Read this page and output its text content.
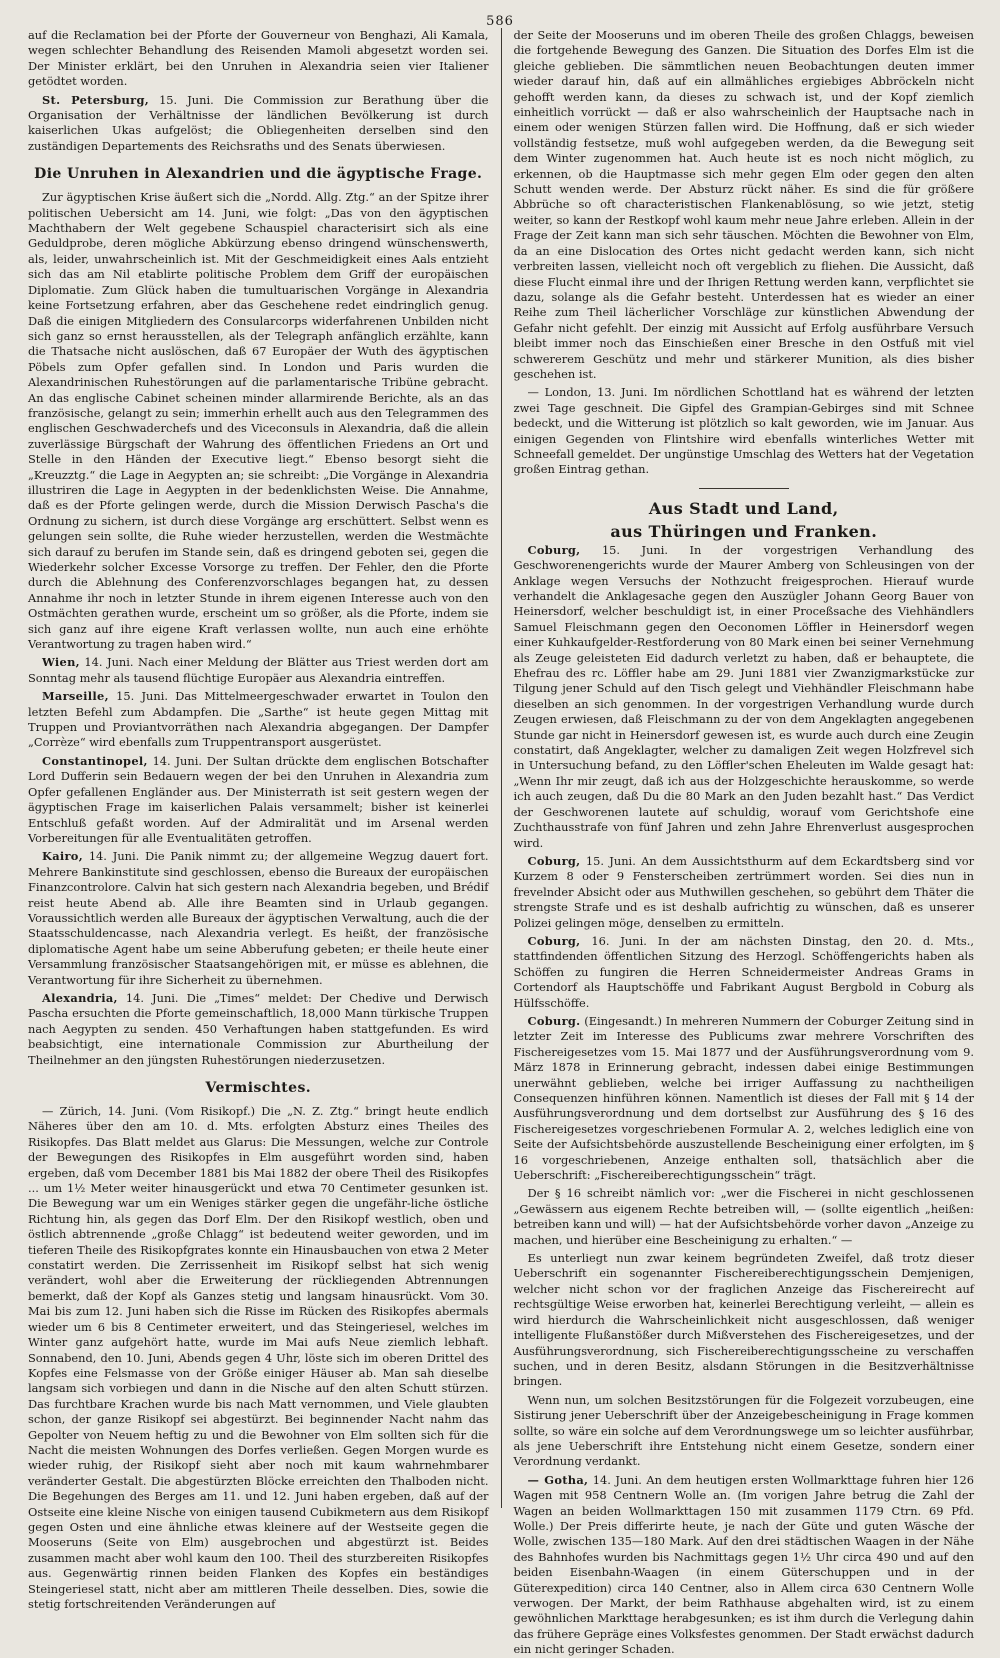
586

auf die Reclamation bei der Pforte der Gouverneur von Benghazi, Ali Kamala, wegen schlechter Behandlung des Reisenden Mamoli abgesetzt worden sei. Der Minister erklärt, bei den Unruhen in Alexandria seien vier Italiener getödtet worden.

St. Petersburg, 15. Juni. Die Commission zur Berathung über die Organisation der Verhältnisse der ländlichen Bevölkerung ist durch kaiserlichen Ukas aufgelöst; die Obliegenheiten derselben sind den zuständigen Departements des Reichsraths und des Senats überwiesen.

Die Unruhen in Alexandrien und die ägyptische Frage.

Zur ägyptischen Krise äußert sich die „Nordd. Allg. Ztg.“ an der Spitze ihrer politischen Uebersicht am 14. Juni, wie folgt: „Das von den ägyptischen Machthabern der Welt gegebene Schauspiel characterisirt sich als eine Geduldprobe, deren mögliche Abkürzung ebenso dringend wünschenswerth, als, leider, unwahrscheinlich ist. Mit der Geschmeidigkeit eines Aals entzieht sich das am Nil etablirte politische Problem dem Griff der europäischen Diplomatie. Zum Glück haben die tumultuarischen Vorgänge in Alexandria keine Fortsetzung erfahren, aber das Geschehene redet eindringlich genug. Daß die einigen Mitgliedern des Consularcorps widerfahrenen Unbilden nicht sich ganz so ernst herausstellen, als der Telegraph anfänglich erzählte, kann die Thatsache nicht auslöschen, daß 67 Europäer der Wuth des ägyptischen Pöbels zum Opfer gefallen sind. In London und Paris wurden die Alexandrinischen Ruhestörungen auf die parlamentarische Tribüne gebracht. An das englische Cabinet scheinen minder allarmirende Berichte, als an das französische, gelangt zu sein; immerhin erhellt auch aus den Telegrammen des englischen Geschwaderchefs und des Viceconsuls in Alexandria, daß die allein zuverlässige Bürgschaft der Wahrung des öffentlichen Friedens an Ort und Stelle in den Händen der Executive liegt.“ Ebenso besorgt sieht die „Kreuzztg.“ die Lage in Aegypten an; sie schreibt: „Die Vorgänge in Alexandria illustriren die Lage in Aegypten in der bedenklichsten Weise. Die Annahme, daß es der Pforte gelingen werde, durch die Mission Derwisch Pascha's die Ordnung zu sichern, ist durch diese Vorgänge arg erschüttert. Selbst wenn es gelungen sein sollte, die Ruhe wieder herzustellen, werden die Westmächte sich darauf zu berufen im Stande sein, daß es dringend geboten sei, gegen die Wiederkehr solcher Excesse Vorsorge zu treffen. Der Fehler, den die Pforte durch die Ablehnung des Conferenzvorschlages begangen hat, zu dessen Annahme ihr noch in letzter Stunde in ihrem eigenen Interesse auch von den Ostmächten gerathen wurde, erscheint um so größer, als die Pforte, indem sie sich ganz auf ihre eigene Kraft verlassen wollte, nun auch eine erhöhte Verantwortung zu tragen haben wird.“

Wien, 14. Juni. Nach einer Meldung der Blätter aus Triest werden dort am Sonntag mehr als tausend flüchtige Europäer aus Alexandria eintreffen.

Marseille, 15. Juni. Das Mittelmeergeschwader erwartet in Toulon den letzten Befehl zum Abdampfen. Die „Sarthe“ ist heute gegen Mittag mit Truppen und Proviantvorräthen nach Alexandria abgegangen. Der Dampfer „Corrèze“ wird ebenfalls zum Truppentransport ausgerüstet.

Constantinopel, 14. Juni. Der Sultan drückte dem englischen Botschafter Lord Dufferin sein Bedauern wegen der bei den Unruhen in Alexandria zum Opfer gefallenen Engländer aus. Der Ministerrath ist seit gestern wegen der ägyptischen Frage im kaiserlichen Palais versammelt; bisher ist keinerlei Entschluß gefaßt worden. Auf der Admiralität und im Arsenal werden Vorbereitungen für alle Eventualitäten getroffen.

Kairo, 14. Juni. Die Panik nimmt zu; der allgemeine Wegzug dauert fort. Mehrere Bankinstitute sind geschlossen, ebenso die Bureaux der europäischen Finanzcontrolore. Calvin hat sich gestern nach Alexandria begeben, und Brédif reist heute Abend ab. Alle ihre Beamten sind in Urlaub gegangen. Voraussichtlich werden alle Bureaux der ägyptischen Verwaltung, auch die der Staatsschuldencasse, nach Alexandria verlegt. Es heißt, der französische diplomatische Agent habe um seine Abberufung gebeten; er theile heute einer Versammlung französischer Staatsangehörigen mit, er müsse es ablehnen, die Verantwortung für ihre Sicherheit zu übernehmen.

Alexandria, 14. Juni. Die „Times“ meldet: Der Chedive und Derwisch Pascha ersuchten die Pforte gemeinschaftlich, 18,000 Mann türkische Truppen nach Aegypten zu senden. 450 Verhaftungen haben stattgefunden. Es wird beabsichtigt, eine internationale Commission zur Aburtheilung der Theilnehmer an den jüngsten Ruhestörungen niederzusetzen.

Vermischtes.

— Zürich, 14. Juni. (Vom Risikopf.) Die „N. Z. Ztg.“ bringt heute endlich Näheres über den am 10. d. Mts. erfolgten Absturz eines Theiles des Risikopfes. Das Blatt meldet aus Glarus: Die Messungen, welche zur Controle der Bewegungen des Risikopfes in Elm ausgeführt worden sind, haben ergeben, daß vom December 1881 bis Mai 1882 der obere Theil des Risikopfes ... um 1½ Meter weiter hinausgerückt und etwa 70 Centimeter gesunken ist. Die Bewegung war um ein Weniges stärker gegen die ungefähr-liche östliche Richtung hin, als gegen das Dorf Elm. Der den Risikopf westlich, oben und östlich abtrennende „große Chlagg“ ist bedeutend weiter geworden, und im tieferen Theile des Risikopfgrates konnte ein Hinausbauchen von etwa 2 Meter constatirt werden. Die Zerrissenheit im Risikopf selbst hat sich wenig verändert, wohl aber die Erweiterung der rückliegenden Abtrennungen bemerkt, daß der Kopf als Ganzes stetig und langsam hinausrückt. Vom 30. Mai bis zum 12. Juni haben sich die Risse im Rücken des Risikopfes abermals wieder um 6 bis 8 Centimeter erweitert, und das Steingeriesel, welches im Winter ganz aufgehört hatte, wurde im Mai aufs Neue ziemlich lebhaft. Sonnabend, den 10. Juni, Abends gegen 4 Uhr, löste sich im oberen Drittel des Kopfes eine Felsmasse von der Größe einiger Häuser ab. Man sah dieselbe langsam sich vorbiegen und dann in die Nische auf den alten Schutt stürzen. Das furchtbare Krachen wurde bis nach Matt vernommen, und Viele glaubten schon, der ganze Risikopf sei abgestürzt. Bei beginnender Nacht nahm das Gepolter von Neuem heftig zu und die Bewohner von Elm sollten sich für die Nacht die meisten Wohnungen des Dorfes verließen. Gegen Morgen wurde es wieder ruhig, der Risikopf sieht aber noch mit kaum wahrnehmbarer veränderter Gestalt. Die abgestürzten Blöcke erreichten den Thalboden nicht. Die Begehungen des Berges am 11. und 12. Juni haben ergeben, daß auf der Ostseite eine kleine Nische von einigen tausend Cubikmetern aus dem Risikopf gegen Osten und eine ähnliche etwas kleinere auf der Westseite gegen die Mooseruns (Seite von Elm) ausgebrochen und abgestürzt ist. Beides zusammen macht aber wohl kaum den 100. Theil des sturzbereiten Risikopfes aus. Gegenwärtig rinnen beiden Flanken des Kopfes ein beständiges Steingeriesel statt, nicht aber am mittleren Theile desselben. Dies, sowie die stetig fortschreitenden Veränderungen auf

der Seite der Mooseruns und im oberen Theile des großen Chlaggs, beweisen die fortgehende Bewegung des Ganzen. Die Situation des Dorfes Elm ist die gleiche geblieben. Die sämmtlichen neuen Beobachtungen deuten immer wieder darauf hin, daß auf ein allmähliches ergiebiges Abbröckeln nicht gehofft werden kann, da dieses zu schwach ist, und der Kopf ziemlich einheitlich vorrückt — daß er also wahrscheinlich der Hauptsache nach in einem oder wenigen Stürzen fallen wird. Die Hoffnung, daß er sich wieder vollständig festsetze, muß wohl aufgegeben werden, da die Bewegung seit dem Winter zugenommen hat. Auch heute ist es noch nicht möglich, zu erkennen, ob die Hauptmasse sich mehr gegen Elm oder gegen den alten Schutt wenden werde. Der Absturz rückt näher. Es sind die für größere Abbrüche so oft characteristischen Flankenablösung, so wie jetzt, stetig weiter, so kann der Restkopf wohl kaum mehr neue Jahre erleben. Allein in der Frage der Zeit kann man sich sehr täuschen. Möchten die Bewohner von Elm, da an eine Dislocation des Ortes nicht gedacht werden kann, sich nicht verbreiten lassen, vielleicht noch oft vergeblich zu fliehen. Die Aussicht, daß diese Flucht einmal ihre und der Ihrigen Rettung werden kann, verpflichtet sie dazu, solange als die Gefahr besteht. Unterdessen hat es wieder an einer Reihe zum Theil lächerlicher Vorschläge zur künstlichen Abwendung der Gefahr nicht gefehlt. Der einzig mit Aussicht auf Erfolg ausführbare Versuch bleibt immer noch das Einschießen einer Bresche in den Ostfuß mit viel schwererem Geschütz und mehr und stärkerer Munition, als dies bisher geschehen ist.

— London, 13. Juni. Im nördlichen Schottland hat es während der letzten zwei Tage geschneit. Die Gipfel des Grampian-Gebirges sind mit Schnee bedeckt, und die Witterung ist plötzlich so kalt geworden, wie im Januar. Aus einigen Gegenden von Flintshire wird ebenfalls winterliches Wetter mit Schneefall gemeldet. Der ungünstige Umschlag des Wetters hat der Vegetation großen Eintrag gethan.

Aus Stadt und Land,
aus Thüringen und Franken.

Coburg, 15. Juni. In der vorgestrigen Verhandlung des Geschworenengerichts wurde der Maurer Amberg von Schleusingen von der Anklage wegen Versuchs der Nothzucht freigesprochen. Hierauf wurde verhandelt die Anklagesache gegen den Auszügler Johann Georg Bauer von Heinersdorf, welcher beschuldigt ist, in einer Proceßsache des Viehhändlers Samuel Fleischmann gegen den Oeconomen Löffler in Heinersdorf wegen einer Kuhkaufgelder-Restforderung von 80 Mark einen bei seiner Vernehmung als Zeuge geleisteten Eid dadurch verletzt zu haben, daß er behauptete, die Ehefrau des rc. Löffler habe am 29. Juni 1881 vier Zwanzigmarkstücke zur Tilgung jener Schuld auf den Tisch gelegt und Viehhändler Fleischmann habe dieselben an sich genommen. In der vorgestrigen Verhandlung wurde durch Zeugen erwiesen, daß Fleischmann zu der von dem Angeklagten angegebenen Stunde gar nicht in Heinersdorf gewesen ist, es wurde auch durch eine Zeugin constatirt, daß Angeklagter, welcher zu damaligen Zeit wegen Holzfrevel sich in Untersuchung befand, zu den Löffler'schen Eheleuten im Walde gesagt hat: „Wenn Ihr mir zeugt, daß ich aus der Holzgeschichte herauskomme, so werde ich auch zeugen, daß Du die 80 Mark an den Juden bezahlt hast.“ Das Verdict der Geschworenen lautete auf schuldig, worauf vom Gerichtshofe eine Zuchthausstrafe von fünf Jahren und zehn Jahre Ehrenverlust ausgesprochen wird.

Coburg, 15. Juni. An dem Aussichtsthurm auf dem Eckardtsberg sind vor Kurzem 8 oder 9 Fensterscheiben zertrümmert worden. Sei dies nun in frevelnder Absicht oder aus Muthwillen geschehen, so gebührt dem Thäter die strengste Strafe und es ist deshalb aufrichtig zu wünschen, daß es unserer Polizei gelingen möge, denselben zu ermitteln.

Coburg, 16. Juni. In der am nächsten Dinstag, den 20. d. Mts., stattfindenden öffentlichen Sitzung des Herzogl. Schöffengerichts haben als Schöffen zu fungiren die Herren Schneidermeister Andreas Grams in Cortendorf als Hauptschöffe und Fabrikant August Bergbold in Coburg als Hülfsschöffe.

Coburg. (Eingesandt.) In mehreren Nummern der Coburger Zeitung sind in letzter Zeit im Interesse des Publicums zwar mehrere Vorschriften des Fischereigesetzes vom 15. Mai 1877 und der Ausführungsverordnung vom 9. März 1878 in Erinnerung gebracht, indessen dabei einige Bestimmungen unerwähnt geblieben, welche bei irriger Auffassung zu nachtheiligen Consequenzen hinführen können. Namentlich ist dieses der Fall mit § 14 der Ausführungsverordnung und dem dortselbst zur Ausführung des § 16 des Fischereigesetzes vorgeschriebenen Formular A. 2, welches lediglich eine von Seite der Aufsichtsbehörde auszustellende Bescheinigung einer erfolgten, im § 16 vorgeschriebenen, Anzeige enthalten soll, thatsächlich aber die Ueberschrift: „Fischereiberechtigungsschein“ trägt.

Der § 16 schreibt nämlich vor: „wer die Fischerei in nicht geschlossenen „Gewässern aus eigenem Rechte betreiben will, — (sollte eigentlich „heißen: betreiben kann und will) — hat der Aufsichtsbehörde vorher davon „Anzeige zu machen, und hierüber eine Bescheinigung zu erhalten.“ —

Es unterliegt nun zwar keinem begründeten Zweifel, daß trotz dieser Ueberschrift ein sogenannter Fischereiberechtigungsschein Demjenigen, welcher nicht schon vor der fraglichen Anzeige das Fischereirecht auf rechtsgültige Weise erworben hat, keinerlei Berechtigung verleiht, — allein es wird hierdurch die Wahrscheinlichkeit nicht ausgeschlossen, daß weniger intelligente Flußanstößer durch Mißverstehen des Fischereigesetzes, und der Ausführungsverordnung, sich Fischereiberechtigungsscheine zu verschaffen suchen, und in deren Besitz, alsdann Störungen in die Besitzverhältnisse bringen.

Wenn nun, um solchen Besitzstörungen für die Folgezeit vorzubeugen, eine Sistirung jener Ueberschrift über der Anzeigebescheinigung in Frage kommen sollte, so wäre ein solche auf dem Verordnungswege um so leichter ausführbar, als jene Ueberschrift ihre Entstehung nicht einem Gesetze, sondern einer Verordnung verdankt.

— Gotha, 14. Juni. An dem heutigen ersten Wollmarkttage fuhren hier 126 Wagen mit 958 Centnern Wolle an. (Im vorigen Jahre betrug die Zahl der Wagen an beiden Wollmarkttagen 150 mit zusammen 1179 Ctrn. 69 Pfd. Wolle.) Der Preis differirte heute, je nach der Güte und guten Wäsche der Wolle, zwischen 135—180 Mark. Auf den drei städtischen Waagen in der Nähe des Bahnhofes wurden bis Nachmittags gegen 1½ Uhr circa 490 und auf den beiden Eisenbahn-Waagen (in einem Güterschuppen und in der Güterexpedition) circa 140 Centner, also in Allem circa 630 Centnern Wolle verwogen. Der Markt, der beim Rathhause abgehalten wird, ist zu einem gewöhnlichen Markttage herabgesunken; es ist ihm durch die Verlegung dahin das frühere Gepräge eines Volksfestes genommen. Der Stadt erwächst dadurch ein nicht geringer Schaden.
